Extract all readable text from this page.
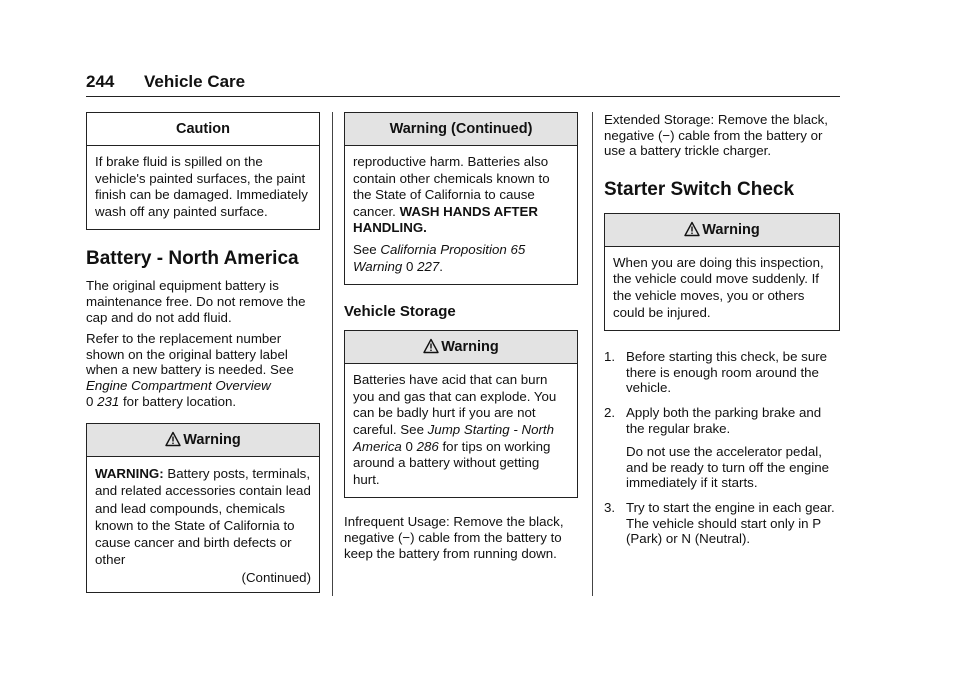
244 Vehicle Care
Caution

If brake fluid is spilled on the vehicle's painted surfaces, the paint finish can be damaged. Immediately wash off any painted surface.

Battery - North America

The original equipment battery is maintenance free. Do not remove the cap and do not add fluid.

Refer to the replacement number shown on the original battery label when a new battery is needed. See Engine Compartment Overview
0 231 for battery location.

Warning

WARNING: Battery posts, terminals, and related accessories contain lead and lead compounds, chemicals known to the State of California to cause cancer and birth defects or other

(Continued)
Warning (Continued)

reproductive harm. Batteries also contain other chemicals known to the State of California to cause cancer. WASH HANDS AFTER HANDLING.

See California Proposition 65 Warning 0 227.

Vehicle Storage
Warning

Batteries have acid that can burn you and gas that can explode. You can be badly hurt if you are not careful. See Jump Starting - North America 0 286 for tips on working around a battery without getting hurt.

Infrequent Usage: Remove the black, negative (−) cable from the battery to keep the battery from running down.

Extended Storage: Remove the black, negative (−) cable from the battery or use a battery trickle charger.

Starter Switch Check
Warning

When you are doing this inspection, the vehicle could move suddenly. If the vehicle moves, you or others could be injured.

1. Before starting this check, be sure there is enough room around the vehicle.
2. Apply both the parking brake and the regular brake.
Do not use the accelerator pedal, and be ready to turn off the engine immediately if it starts.
3. Try to start the engine in each gear. The vehicle should start only in P (Park) or N (Neutral).
